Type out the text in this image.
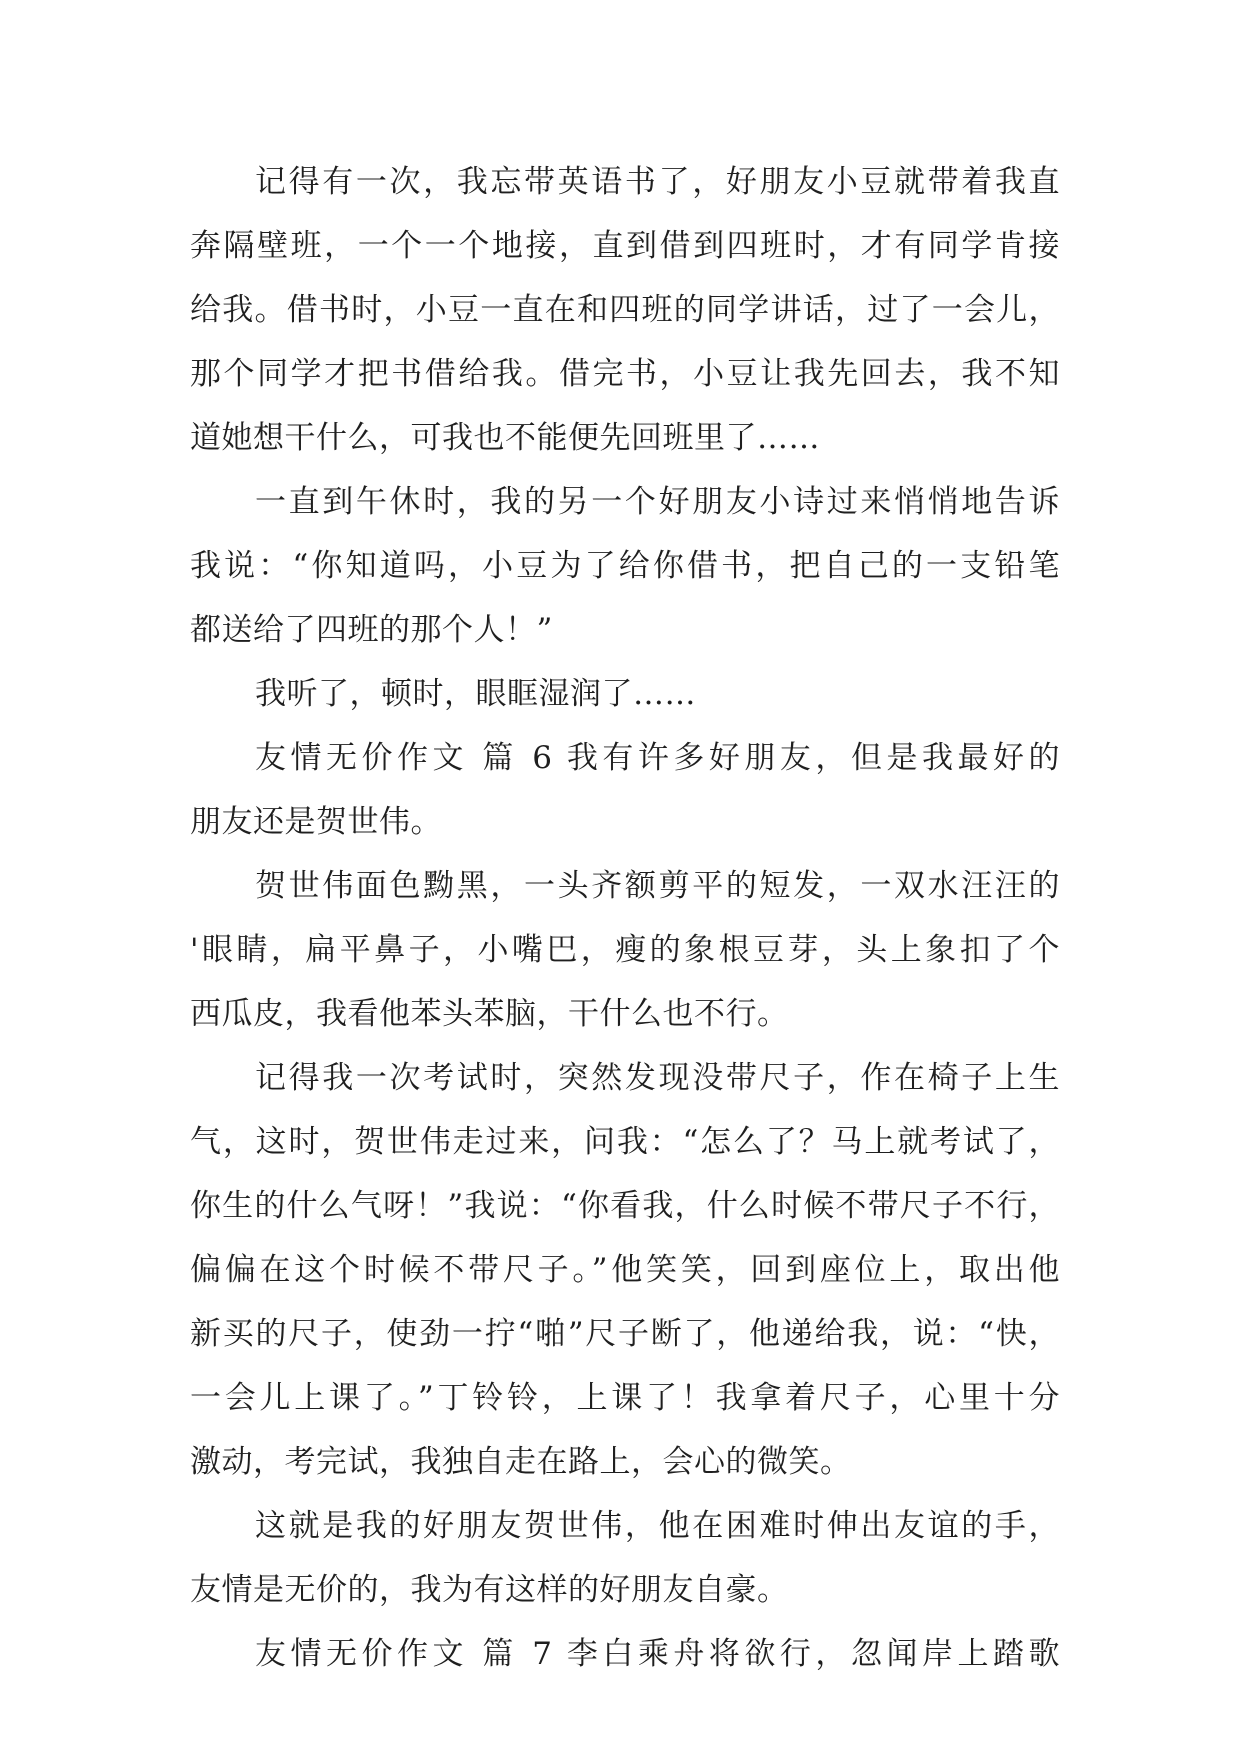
记得有一次，我忘带英语书了，好朋友小豆就带着我直
奔隔壁班，一个一个地接，直到借到四班时，才有同学肯接
给我。借书时，小豆一直在和四班的同学讲话，过了一会儿，
那个同学才把书借给我。借完书，小豆让我先回去，我不知
道她想干什么，可我也不能便先回班里了……
一直到午休时，我的另一个好朋友小诗过来悄悄地告诉
我说：“你知道吗，小豆为了给你借书，把自己的一支铅笔
都送给了四班的那个人！”
我听了，顿时，眼眶湿润了……
友情无价作文 篇 6 我有许多好朋友，但是我最好的
朋友还是贺世伟。
贺世伟面色黝黑，一头齐额剪平的短发，一双水汪汪的
'眼睛，扁平鼻子，小嘴巴，瘦的象根豆芽，头上象扣了个
西瓜皮，我看他苯头苯脑，干什么也不行。
记得我一次考试时，突然发现没带尺子，作在椅子上生
气，这时，贺世伟走过来，问我：“怎么了？马上就考试了，
你生的什么气呀！”我说：“你看我，什么时候不带尺子不行，
偏偏在这个时候不带尺子。”他笑笑，回到座位上，取出他
新买的尺子，使劲一拧“啪”尺子断了，他递给我，说：“快，
一会儿上课了。”丁铃铃，上课了！我拿着尺子，心里十分
激动，考完试，我独自走在路上，会心的微笑。
这就是我的好朋友贺世伟，他在困难时伸出友谊的手，
友情是无价的，我为有这样的好朋友自豪。
友情无价作文 篇 7 李白乘舟将欲行，忽闻岸上踏歌
